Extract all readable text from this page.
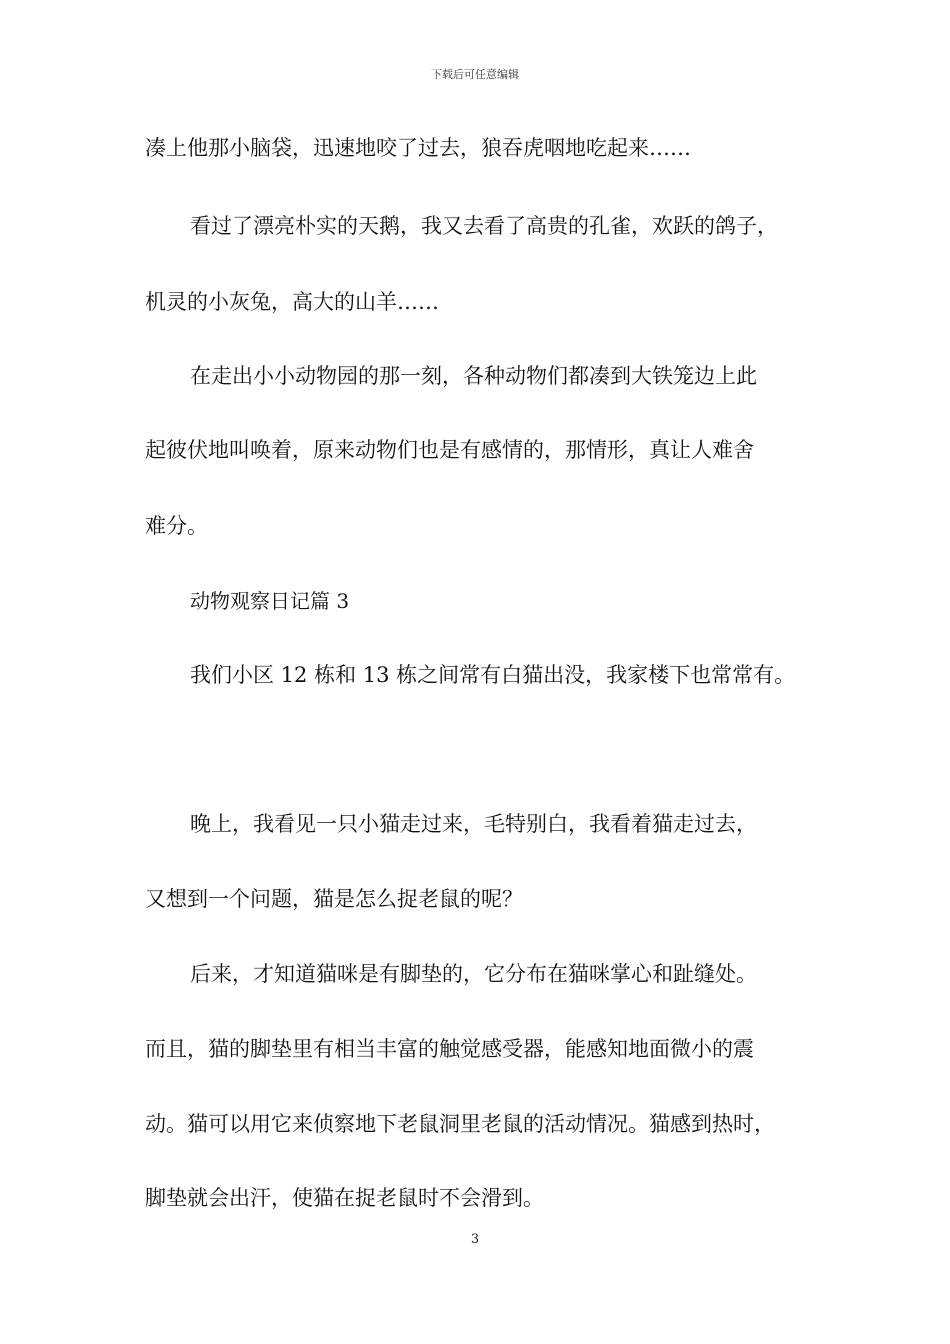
下载后可任意编辑
凑上他那小脑袋，迅速地咬了过去，狼吞虎咽地吃起来……
看过了漂亮朴实的天鹅，我又去看了高贵的孔雀，欢跃的鸽子，
机灵的小灰兔，高大的山羊……
在走出小小动物园的那一刻，各种动物们都凑到大铁笼边上此
起彼伏地叫唤着，原来动物们也是有感情的，那情形，真让人难舍
难分。
动物观察日记篇 3
我们小区 12 栋和 13 栋之间常有白猫出没，我家楼下也常常有。
晚上，我看见一只小猫走过来，毛特别白，我看着猫走过去，
又想到一个问题，猫是怎么捉老鼠的呢？
后来，才知道猫咪是有脚垫的，它分布在猫咪掌心和趾缝处。
而且，猫的脚垫里有相当丰富的触觉感受器，能感知地面微小的震
动。猫可以用它来侦察地下老鼠洞里老鼠的活动情况。猫感到热时，
脚垫就会出汗，使猫在捉老鼠时不会滑到。
3
